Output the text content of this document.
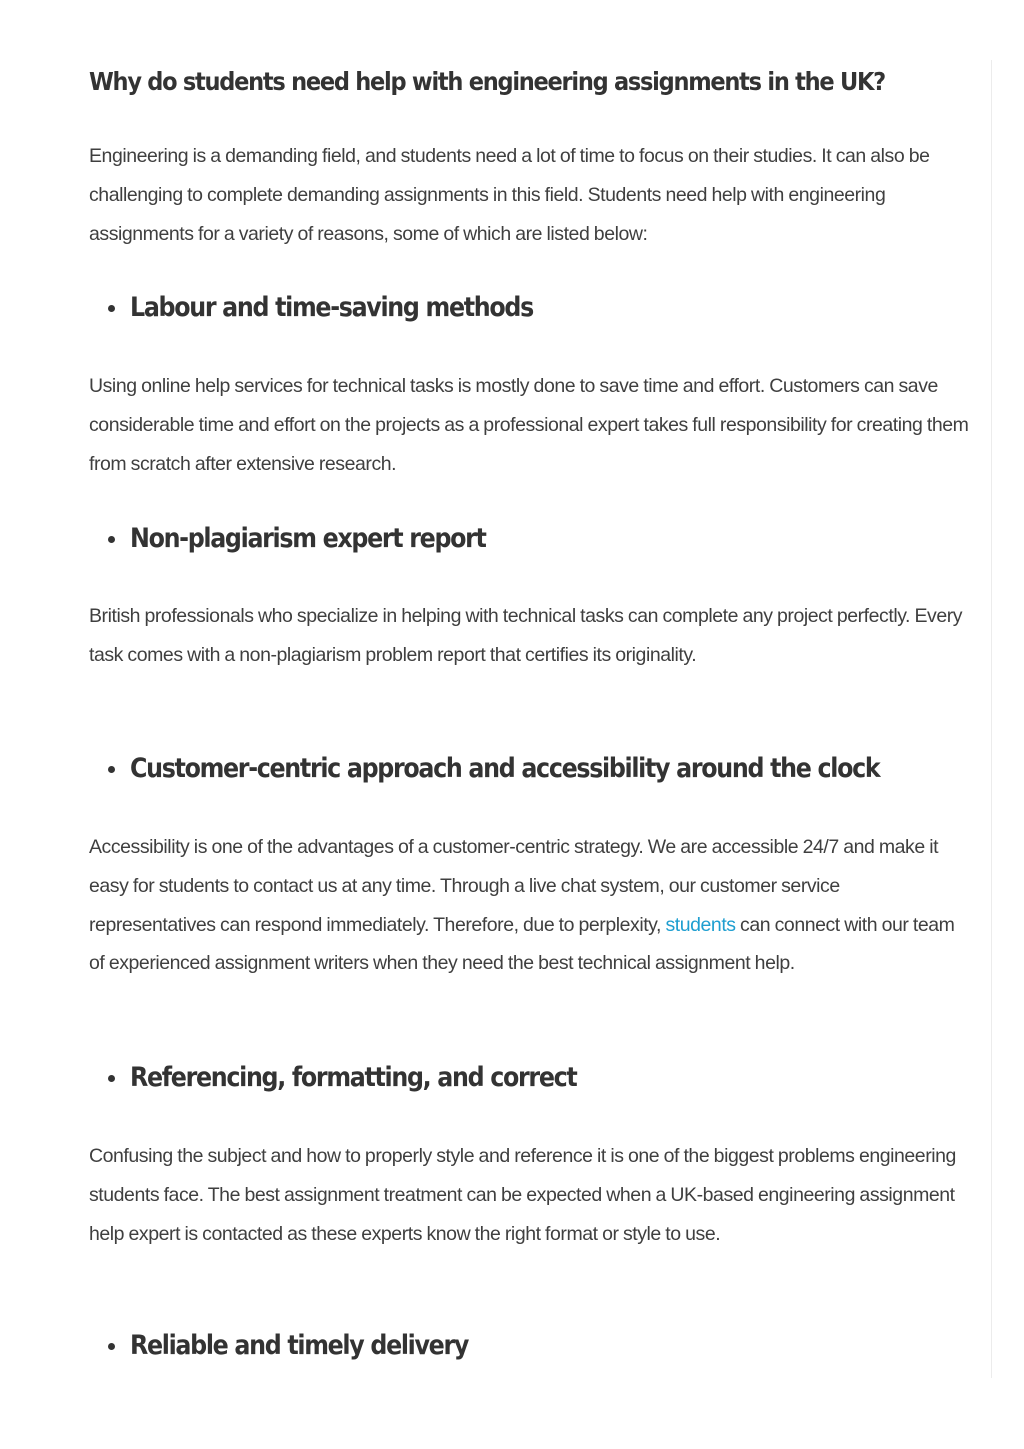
Why do students need help with engineering assignments in the UK?

Engineering is a demanding field, and students need a lot of time to focus on their studies. It can also be challenging to complete demanding assignments in this field. Students need help with engineering assignments for a variety of reasons, some of which are listed below:

Labour and time-saving methods

Using online help services for technical tasks is mostly done to save time and effort. Customers can save considerable time and effort on the projects as a professional expert takes full responsibility for creating them from scratch after extensive research.

Non-plagiarism expert report

British professionals who specialize in helping with technical tasks can complete any project perfectly. Every task comes with a non-plagiarism problem report that certifies its originality.

Customer-centric approach and accessibility around the clock

Accessibility is one of the advantages of a customer-centric strategy. We are accessible 24/7 and make it easy for students to contact us at any time. Through a live chat system, our customer service representatives can respond immediately. Therefore, due to perplexity, students can connect with our team of experienced assignment writers when they need the best technical assignment help.

Referencing, formatting, and correct

Confusing the subject and how to properly style and reference it is one of the biggest problems engineering students face. The best assignment treatment can be expected when a UK-based engineering assignment help expert is contacted as these experts know the right format or style to use.

Reliable and timely delivery
